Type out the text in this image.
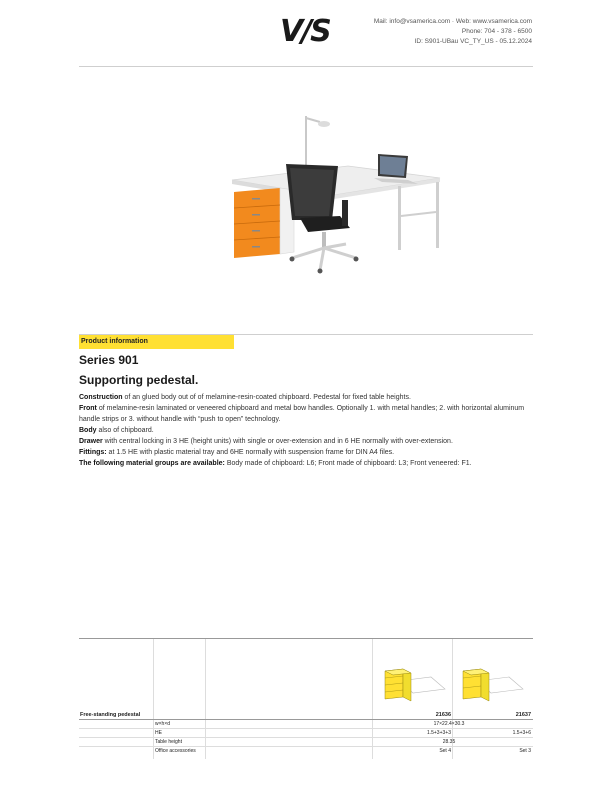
V/S	Mail: info@vsamerica.com · Web: www.vsamerica.com
Phone: 704 - 378 - 6500
ID: S901-UBau VC_TY_US - 05.12.2024
Product information
Series 901
Supporting pedestal.
Construction of an glued body out of of melamine-resin-coated chipboard. Pedestal for fixed table heights.
Front of melamine-resin laminated or veneered chipboard and metal bow handles. Optionally 1. with metal handles; 2. with horizontal aluminum handle strips or 3. without handle with “push to open” technology.
Body also of chipboard.
Drawer with central locking in 3 HE (height units) with single or over-extension and in 6 HE normally with over-extension.
Fittings: at 1.5 HE with plastic material tray and 6HE normally with suspension frame for DIN A4 files.
The following material groups are available: Body made of chipboard: L6; Front made of chipboard: L3; Front veneered: F1.
Free-standing pedestal	21636	21637
w×h×d	17×22.4×30.3
HE	1.5+3+3+3	1.5+3+6
Table height	28.35
Office accessories	Set 4	Set 3
